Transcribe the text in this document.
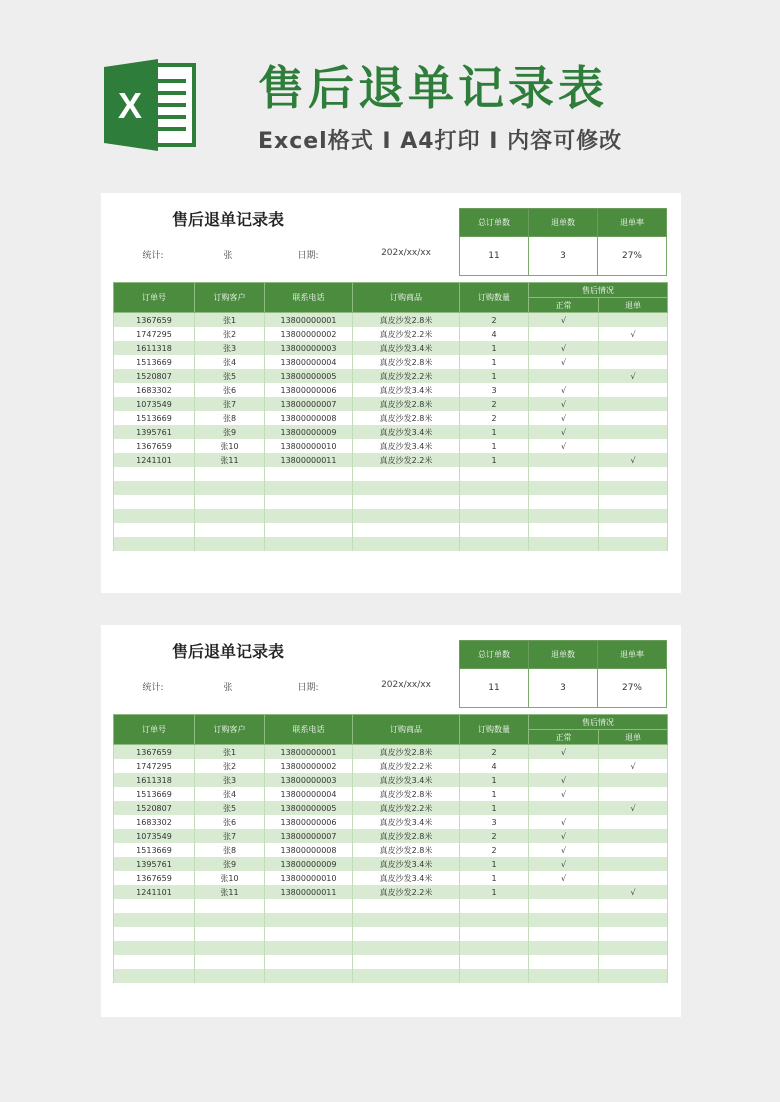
X	售后退单记录表
Excel格式 I A4打印 I 内容可修改
售后退单记录表
统计:	张	日期:	202x/xx/xx
总订单数	退单数	退单率
11	3	27%
订单号	订购客户	联系电话	订购商品	订购数量	售后情况	
					正常	退单
1367659	张1	13800000001	真皮沙发2.8米	2	√	
1747295	张2	13800000002	真皮沙发2.2米	4		√
1611318	张3	13800000003	真皮沙发3.4米	1	√	
1513669	张4	13800000004	真皮沙发2.8米	1	√	
1520807	张5	13800000005	真皮沙发2.2米	1		√
1683302	张6	13800000006	真皮沙发3.4米	3	√	
1073549	张7	13800000007	真皮沙发2.8米	2	√	
1513669	张8	13800000008	真皮沙发2.8米	2	√	
1395761	张9	13800000009	真皮沙发3.4米	1	√	
1367659	张10	13800000010	真皮沙发3.4米	1	√	
1241101	张11	13800000011	真皮沙发2.2米	1		√

售后退单记录表
统计:	张	日期:	202x/xx/xx
总订单数	退单数	退单率
11	3	27%
订单号	订购客户	联系电话	订购商品	订购数量	售后情况	
					正常	退单
1367659	张1	13800000001	真皮沙发2.8米	2	√	
1747295	张2	13800000002	真皮沙发2.2米	4		√
1611318	张3	13800000003	真皮沙发3.4米	1	√	
1513669	张4	13800000004	真皮沙发2.8米	1	√	
1520807	张5	13800000005	真皮沙发2.2米	1		√
1683302	张6	13800000006	真皮沙发3.4米	3	√	
1073549	张7	13800000007	真皮沙发2.8米	2	√	
1513669	张8	13800000008	真皮沙发2.8米	2	√	
1395761	张9	13800000009	真皮沙发3.4米	1	√	
1367659	张10	13800000010	真皮沙发3.4米	1	√	
1241101	张11	13800000011	真皮沙发2.2米	1		√
